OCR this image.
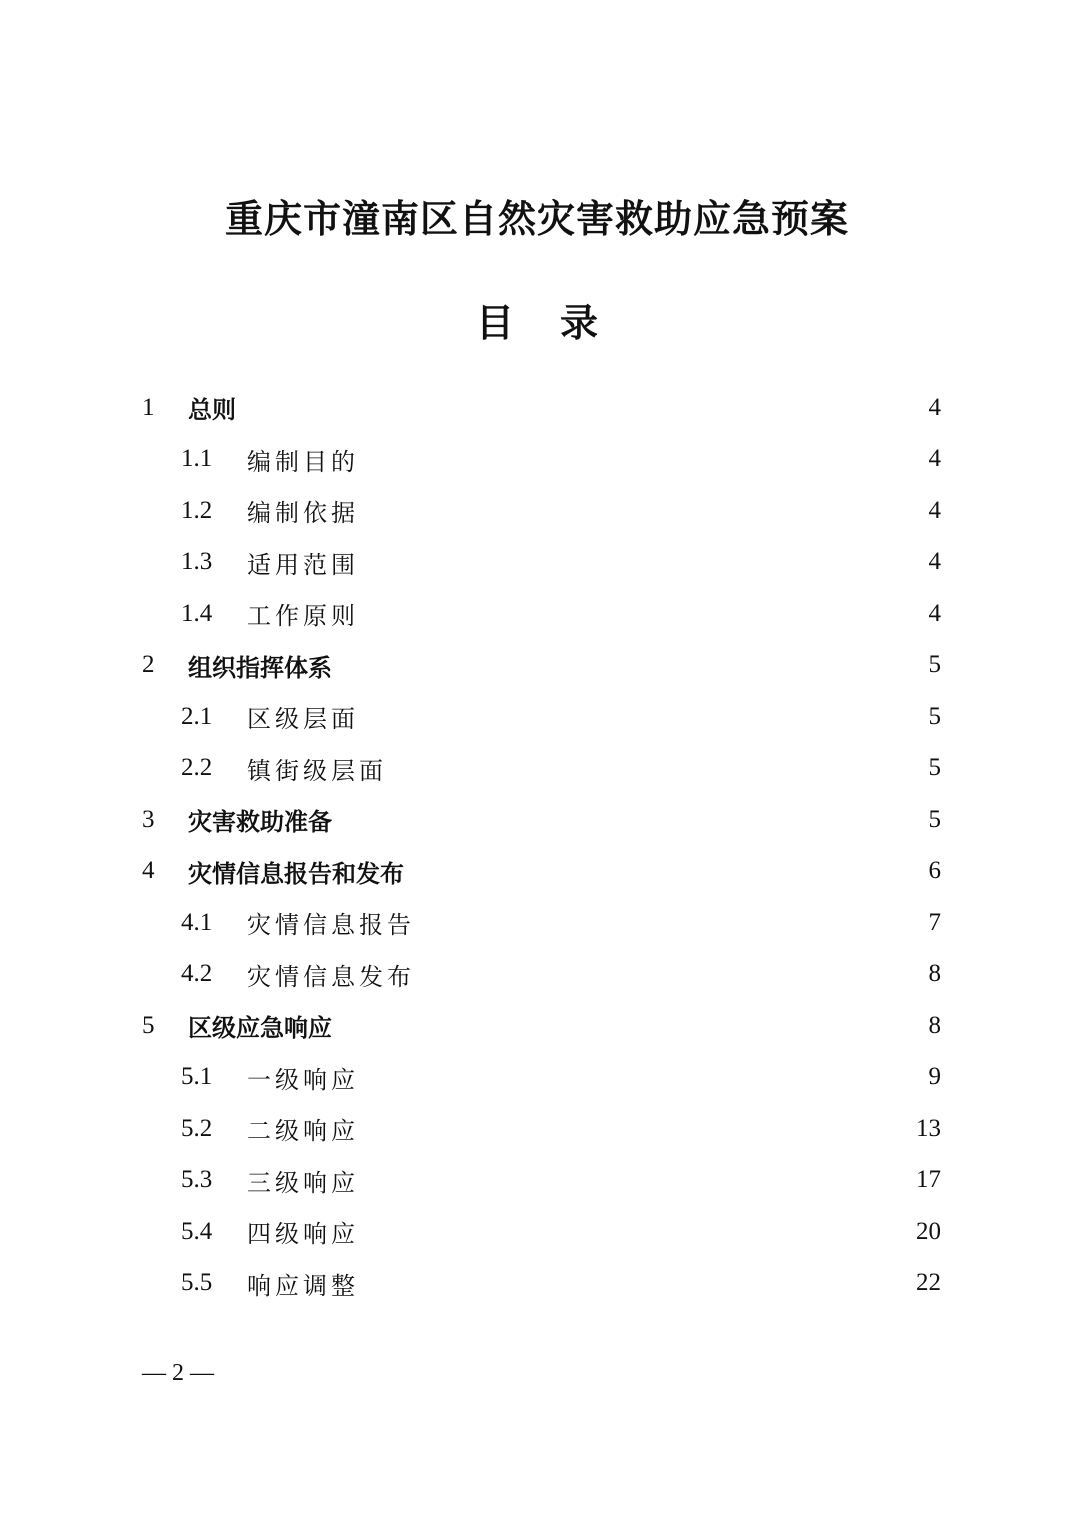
重庆市潼南区自然灾害救助应急预案
目 录
1	总则	4
1.1	编制目的	4
1.2	编制依据	4
1.3	适用范围	4
1.4	工作原则	4
2	组织指挥体系	5
2.1	区级层面	5
2.2	镇街级层面	5
3	灾害救助准备	5
4	灾情信息报告和发布	6
4.1	灾情信息报告	7
4.2	灾情信息发布	8
5	区级应急响应	8
5.1	一级响应	9
5.2	二级响应	13
5.3	三级响应	17
5.4	四级响应	20
5.5	响应调整	22
— 2 —
